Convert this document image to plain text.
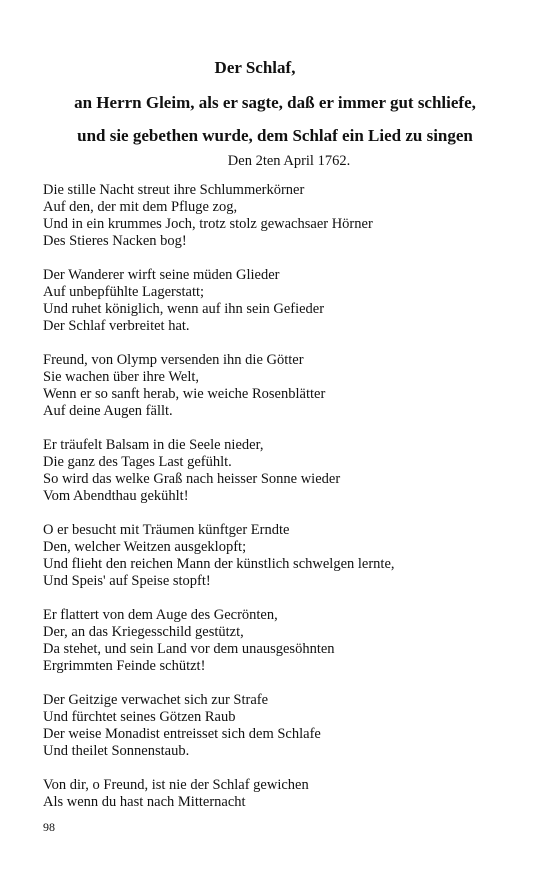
Der Schlaf,
an Herrn Gleim, als er sagte, daß er immer gut schliefe,
und sie gebethen wurde, dem Schlaf ein Lied zu singen
Den 2ten April 1762.
Die stille Nacht streut ihre Schlummerkörner
Auf den, der mit dem Pfluge zog,
Und in ein krummes Joch, trotz stolz gewachsaer Hörner
Des Stieres Nacken bog!
Der Wanderer wirft seine müden Glieder
Auf unbepfühlte Lagerstatt;
Und ruhet königlich, wenn auf ihn sein Gefieder
Der Schlaf verbreitet hat.
Freund, von Olymp versenden ihn die Götter
Sie wachen über ihre Welt,
Wenn er so sanft herab, wie weiche Rosenblätter
Auf deine Augen fällt.
Er träufelt Balsam in die Seele nieder,
Die ganz des Tages Last gefühlt.
So wird das welke Graß nach heisser Sonne wieder
Vom Abendthau gekühlt!
O er besucht mit Träumen künftger Erndte
Den, welcher Weitzen ausgeklopft;
Und flieht den reichen Mann der künstlich schwelgen lernte,
Und Speis' auf Speise stopft!
Er flattert von dem Auge des Gecrönten,
Der, an das Kriegesschild gestützt,
Da stehet, und sein Land vor dem unausgesöhnten
Ergrimmten Feinde schützt!
Der Geitzige verwachet sich zur Strafe
Und fürchtet seines Götzen Raub
Der weise Monadist entreisset sich dem Schlafe
Und theilet Sonnenstaub.
Von dir, o Freund, ist nie der Schlaf gewichen
Als wenn du hast nach Mitternacht
98
